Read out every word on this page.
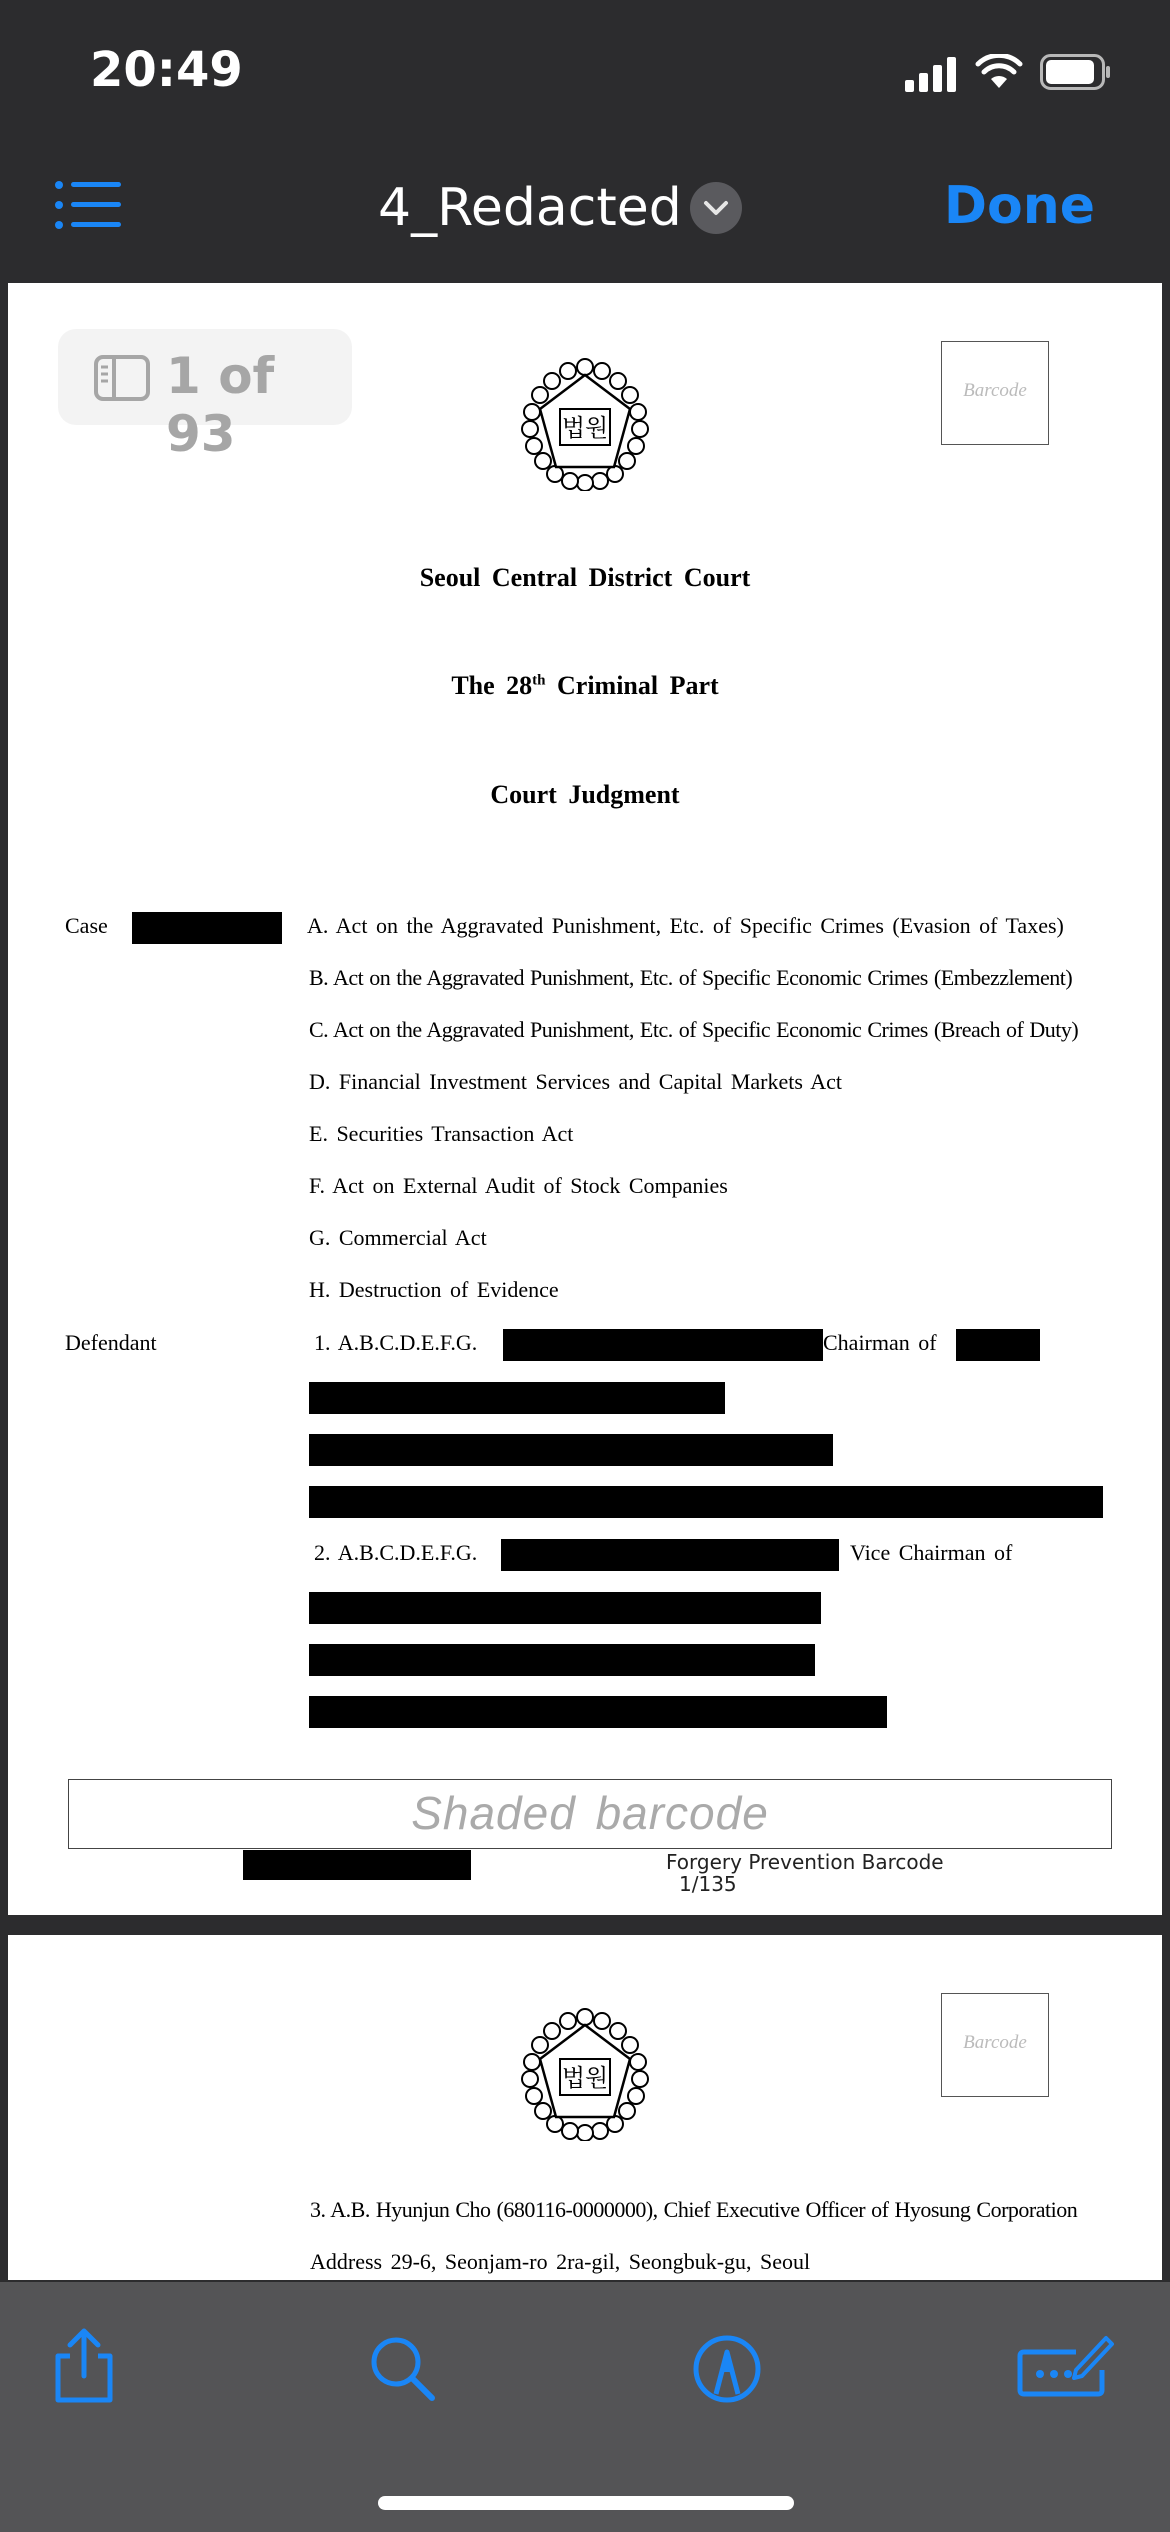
20:49
4_Redacted	Done
1 of 93	법원
Barcode
Seoul Central District Court
The 28th Criminal Part
Court Judgment
Case	A. Act on the Aggravated Punishment, Etc. of Specific Crimes (Evasion of Taxes)
B. Act on the Aggravated Punishment, Etc. of Specific Economic Crimes (Embezzlement)
C. Act on the Aggravated Punishment, Etc. of Specific Economic Crimes (Breach of Duty)
D. Financial Investment Services and Capital Markets Act
E. Securities Transaction Act
F. Act on External Audit of Stock Companies
G. Commercial Act
H. Destruction of Evidence
Defendant	1. A.B.C.D.E.F.G.	Chairman of
2. A.B.C.D.E.F.G.	Vice Chairman of
Shaded barcode
Forgery Prevention Barcode
1/135
법원
Barcode
3. A.B. Hyunjun Cho (680116-0000000), Chief Executive Officer of Hyosung Corporation
Address 29-6, Seonjam-ro 2ra-gil, Seongbuk-gu, Seoul
